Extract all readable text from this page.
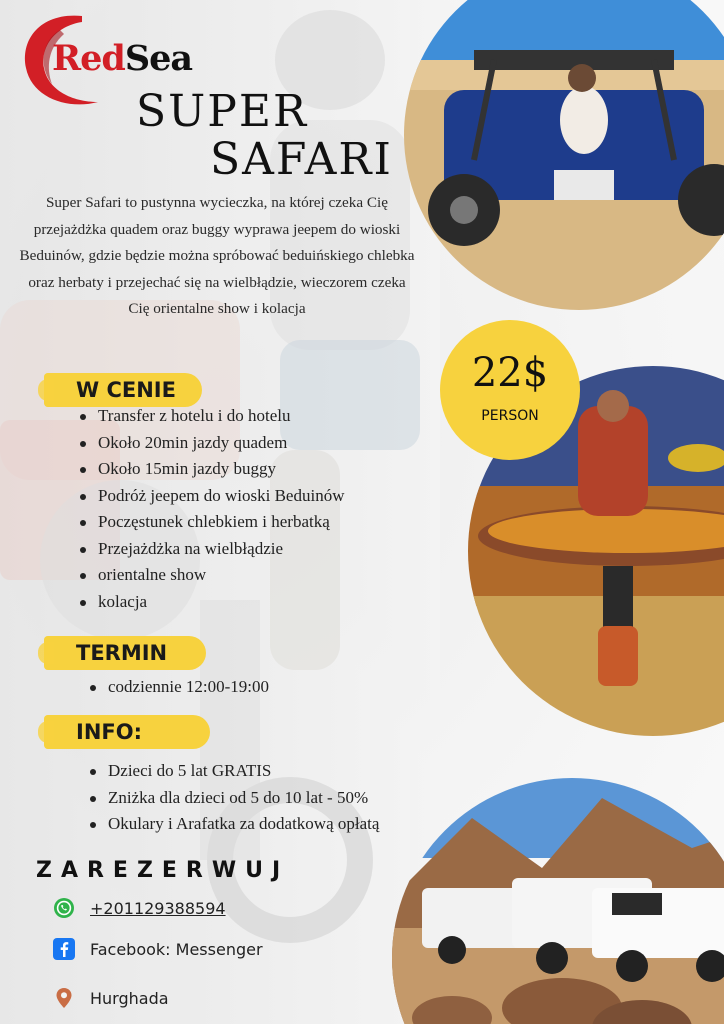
RedSea
SUPER
SAFARI
Super Safari to pustynna wycieczka, na której czeka Cię przejażdżka quadem oraz buggy wyprawa jeepem do wioski Beduinów, gdzie będzie można spróbować beduińskiego chlebka oraz herbaty i przejechać się na wielbłądzie, wieczorem czeka Cię orientalne show i kolacja
W CENIE
Transfer z hotelu i do hotelu
Około 20min jazdy quadem
Około 15min jazdy buggy
Podróż jeepem do wioski Beduinów
Poczęstunek chlebkiem i herbatką
Przejażdżka na wielbłądzie
orientalne show
kolacja
TERMIN
codziennie 12:00-19:00
INFO:
Dzieci do 5 lat GRATIS
Zniżka dla dzieci od 5 do 10 lat - 50%
Okulary i Arafatka za dodatkową opłatą
ZAREZERWUJ
+201129388594
Facebook: Messenger
Hurghada
22$
PERSON
